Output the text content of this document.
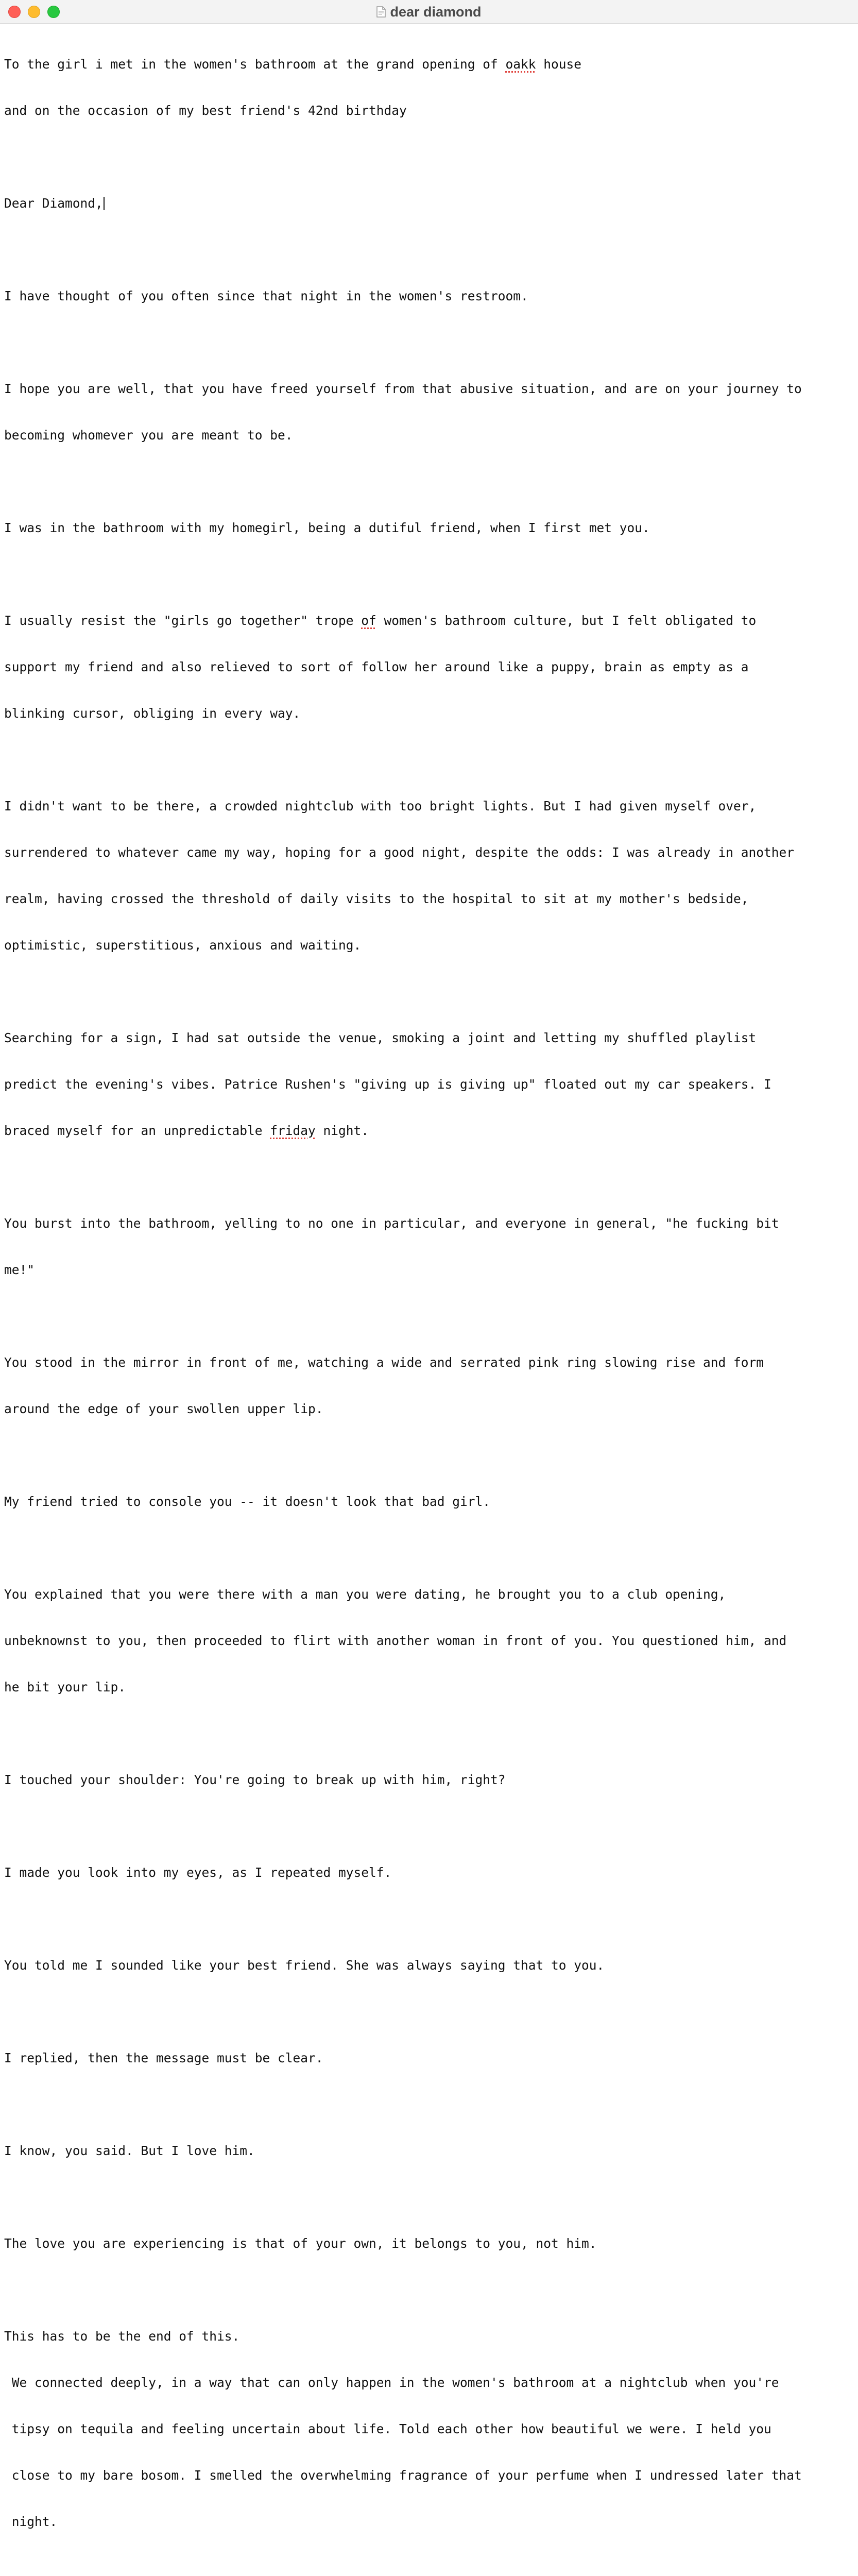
dear diamond

To the girl i met in the women's bathroom at the grand opening of oakk house

and on the occasion of my best friend's 42nd birthday

Dear Diamond,

I have thought of you often since that night in the women's restroom.

I hope you are well, that you have freed yourself from that abusive situation, and are on your journey to

becoming whomever you are meant to be.

I was in the bathroom with my homegirl, being a dutiful friend, when I first met you.

I usually resist the "girls go together" trope of women's bathroom culture, but I felt obligated to

support my friend and also relieved to sort of follow her around like a puppy, brain as empty as a

blinking cursor, obliging in every way.

I didn't want to be there, a crowded nightclub with too bright lights. But I had given myself over,

surrendered to whatever came my way, hoping for a good night, despite the odds: I was already in another

realm, having crossed the threshold of daily visits to the hospital to sit at my mother's bedside,

optimistic, superstitious, anxious and waiting.

Searching for a sign, I had sat outside the venue, smoking a joint and letting my shuffled playlist

predict the evening's vibes. Patrice Rushen's "giving up is giving up" floated out my car speakers. I

braced myself for an unpredictable friday night.

You burst into the bathroom, yelling to no one in particular, and everyone in general, "he fucking bit

me!"

You stood in the mirror in front of me, watching a wide and serrated pink ring slowing rise and form

around the edge of your swollen upper lip.

My friend tried to console you -- it doesn't look that bad girl.

You explained that you were there with a man you were dating, he brought you to a club opening,

unbeknownst to you, then proceeded to flirt with another woman in front of you. You questioned him, and

he bit your lip.

I touched your shoulder: You're going to break up with him, right?

I made you look into my eyes, as I repeated myself.

You told me I sounded like your best friend. She was always saying that to you.

I replied, then the message must be clear.

I know, you said. But I love him.

The love you are experiencing is that of your own, it belongs to you, not him.

This has to be the end of this.

We connected deeply, in a way that can only happen in the women's bathroom at a nightclub when you're

tipsy on tequila and feeling uncertain about life. Told each other how beautiful we were. I held you

close to my bare bosom. I smelled the overwhelming fragrance of your perfume when I undressed later that

night.
